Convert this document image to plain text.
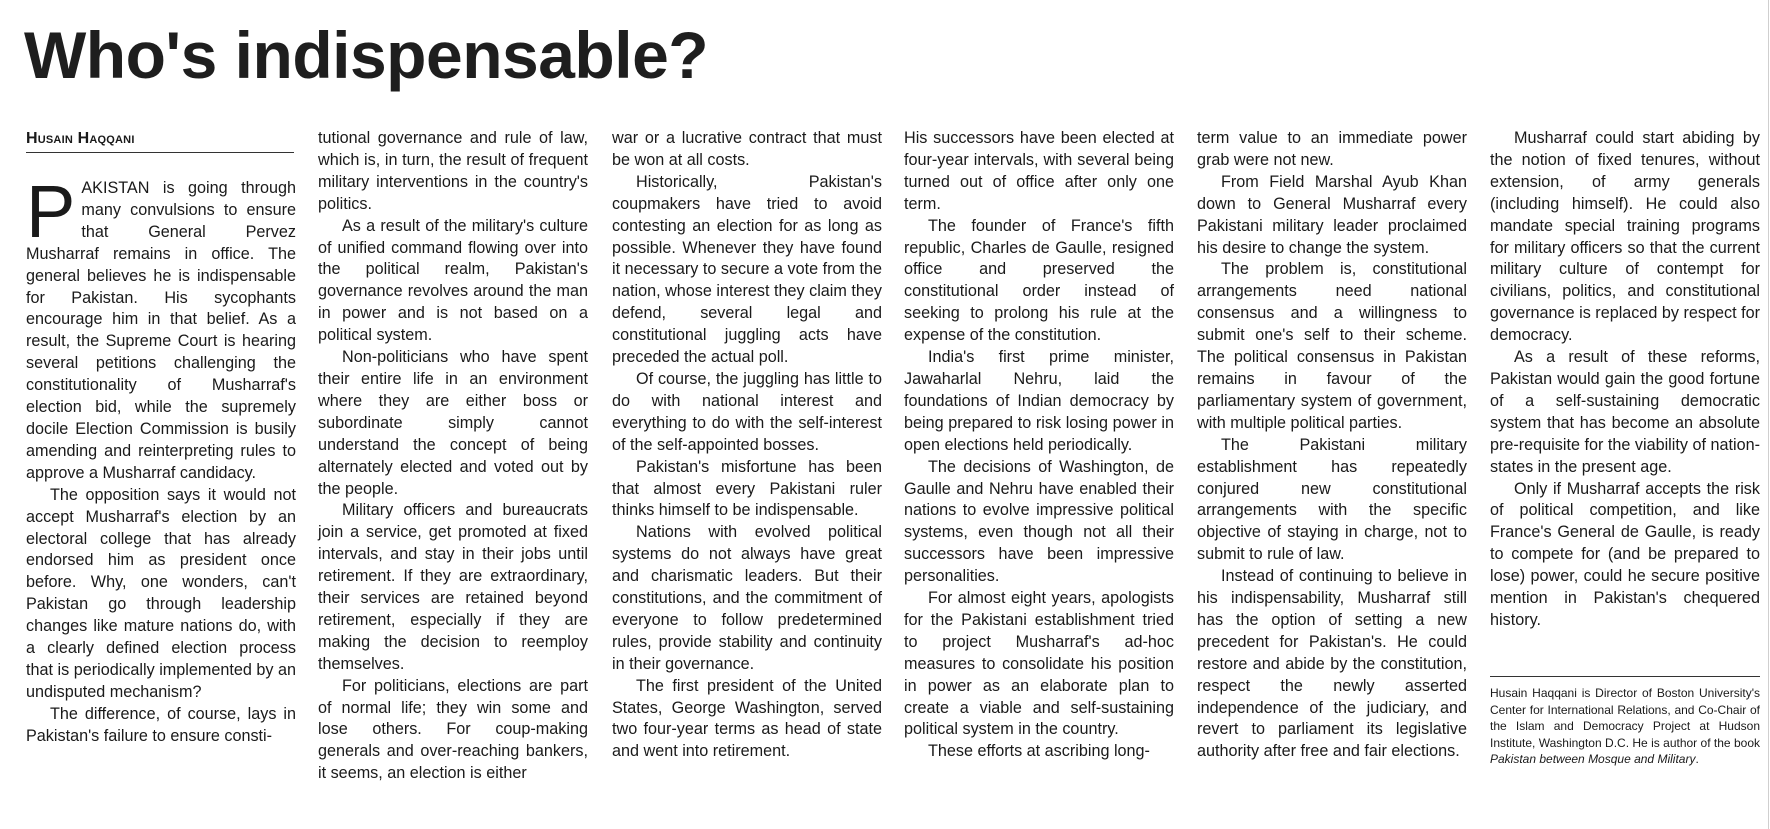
Who's indispensable?
Husain Haqqani

PAKISTAN is going through many convulsions to ensure that General Pervez Musharraf remains in office. The general believes he is indispensable for Pakistan. His sycophants encourage him in that belief. As a result, the Supreme Court is hearing several petitions challenging the constitutionality of Musharraf's election bid, while the supremely docile Election Commission is busily amending and reinterpreting rules to approve a Musharraf candidacy.

The opposition says it would not accept Musharraf's election by an electoral college that has already endorsed him as president once before. Why, one wonders, can't Pakistan go through leadership changes like mature nations do, with a clearly defined election process that is periodically implemented by an undisputed mechanism?

The difference, of course, lays in Pakistan's failure to ensure consti-

tutional governance and rule of law, which is, in turn, the result of frequent military interventions in the country's politics.

As a result of the military's culture of unified command flowing over into the political realm, Pakistan's governance revolves around the man in power and is not based on a political system.

Non-politicians who have spent their entire life in an environment where they are either boss or subordinate simply cannot understand the concept of being alternately elected and voted out by the people.

Military officers and bureaucrats join a service, get promoted at fixed intervals, and stay in their jobs until retirement. If they are extraordinary, their services are retained beyond retirement, especially if they are making the decision to reemploy themselves.

For politicians, elections are part of normal life; they win some and lose others. For coup-making generals and over-reaching bankers, it seems, an election is either

war or a lucrative contract that must be won at all costs.

Historically, Pakistan's coupmakers have tried to avoid contesting an election for as long as possible. Whenever they have found it necessary to secure a vote from the nation, whose interest they claim they defend, several legal and constitutional juggling acts have preceded the actual poll.

Of course, the juggling has little to do with national interest and everything to do with the self-interest of the self-appointed bosses.

Pakistan's misfortune has been that almost every Pakistani ruler thinks himself to be indispensable.

Nations with evolved political systems do not always have great and charismatic leaders. But their constitutions, and the commitment of everyone to follow predetermined rules, provide stability and continuity in their governance.

The first president of the United States, George Washington, served two four-year terms as head of state and went into retirement.

His successors have been elected at four-year intervals, with several being turned out of office after only one term.

The founder of France's fifth republic, Charles de Gaulle, resigned office and preserved the constitutional order instead of seeking to prolong his rule at the expense of the constitution.

India's first prime minister, Jawaharlal Nehru, laid the foundations of Indian democracy by being prepared to risk losing power in open elections held periodically.

The decisions of Washington, de Gaulle and Nehru have enabled their nations to evolve impressive political systems, even though not all their successors have been impressive personalities.

For almost eight years, apologists for the Pakistani establishment tried to project Musharraf's ad-hoc measures to consolidate his position in power as an elaborate plan to create a viable and self-sustaining political system in the country.

These efforts at ascribing long-

term value to an immediate power grab were not new.

From Field Marshal Ayub Khan down to General Musharraf every Pakistani military leader proclaimed his desire to change the system.

The problem is, constitutional arrangements need national consensus and a willingness to submit one's self to their scheme. The political consensus in Pakistan remains in favour of the parliamentary system of government, with multiple political parties.

The Pakistani military establishment has repeatedly conjured new constitutional arrangements with the specific objective of staying in charge, not to submit to rule of law.

Instead of continuing to believe in his indispensability, Musharraf still has the option of setting a new precedent for Pakistan's. He could restore and abide by the constitution, respect the newly asserted independence of the judiciary, and revert to parliament its legislative authority after free and fair elections.

Musharraf could start abiding by the notion of fixed tenures, without extension, of army generals (including himself). He could also mandate special training programs for military officers so that the current military culture of contempt for civilians, politics, and constitutional governance is replaced by respect for democracy.

As a result of these reforms, Pakistan would gain the good fortune of a self-sustaining democratic system that has become an absolute pre-requisite for the viability of nation-states in the present age.

Only if Musharraf accepts the risk of political competition, and like France's General de Gaulle, is ready to compete for (and be prepared to lose) power, could he secure positive mention in Pakistan's chequered history.

Husain Haqqani is Director of Boston University's Center for International Relations, and Co-Chair of the Islam and Democracy Project at Hudson Institute, Washington D.C. He is author of the book Pakistan between Mosque and Military.
